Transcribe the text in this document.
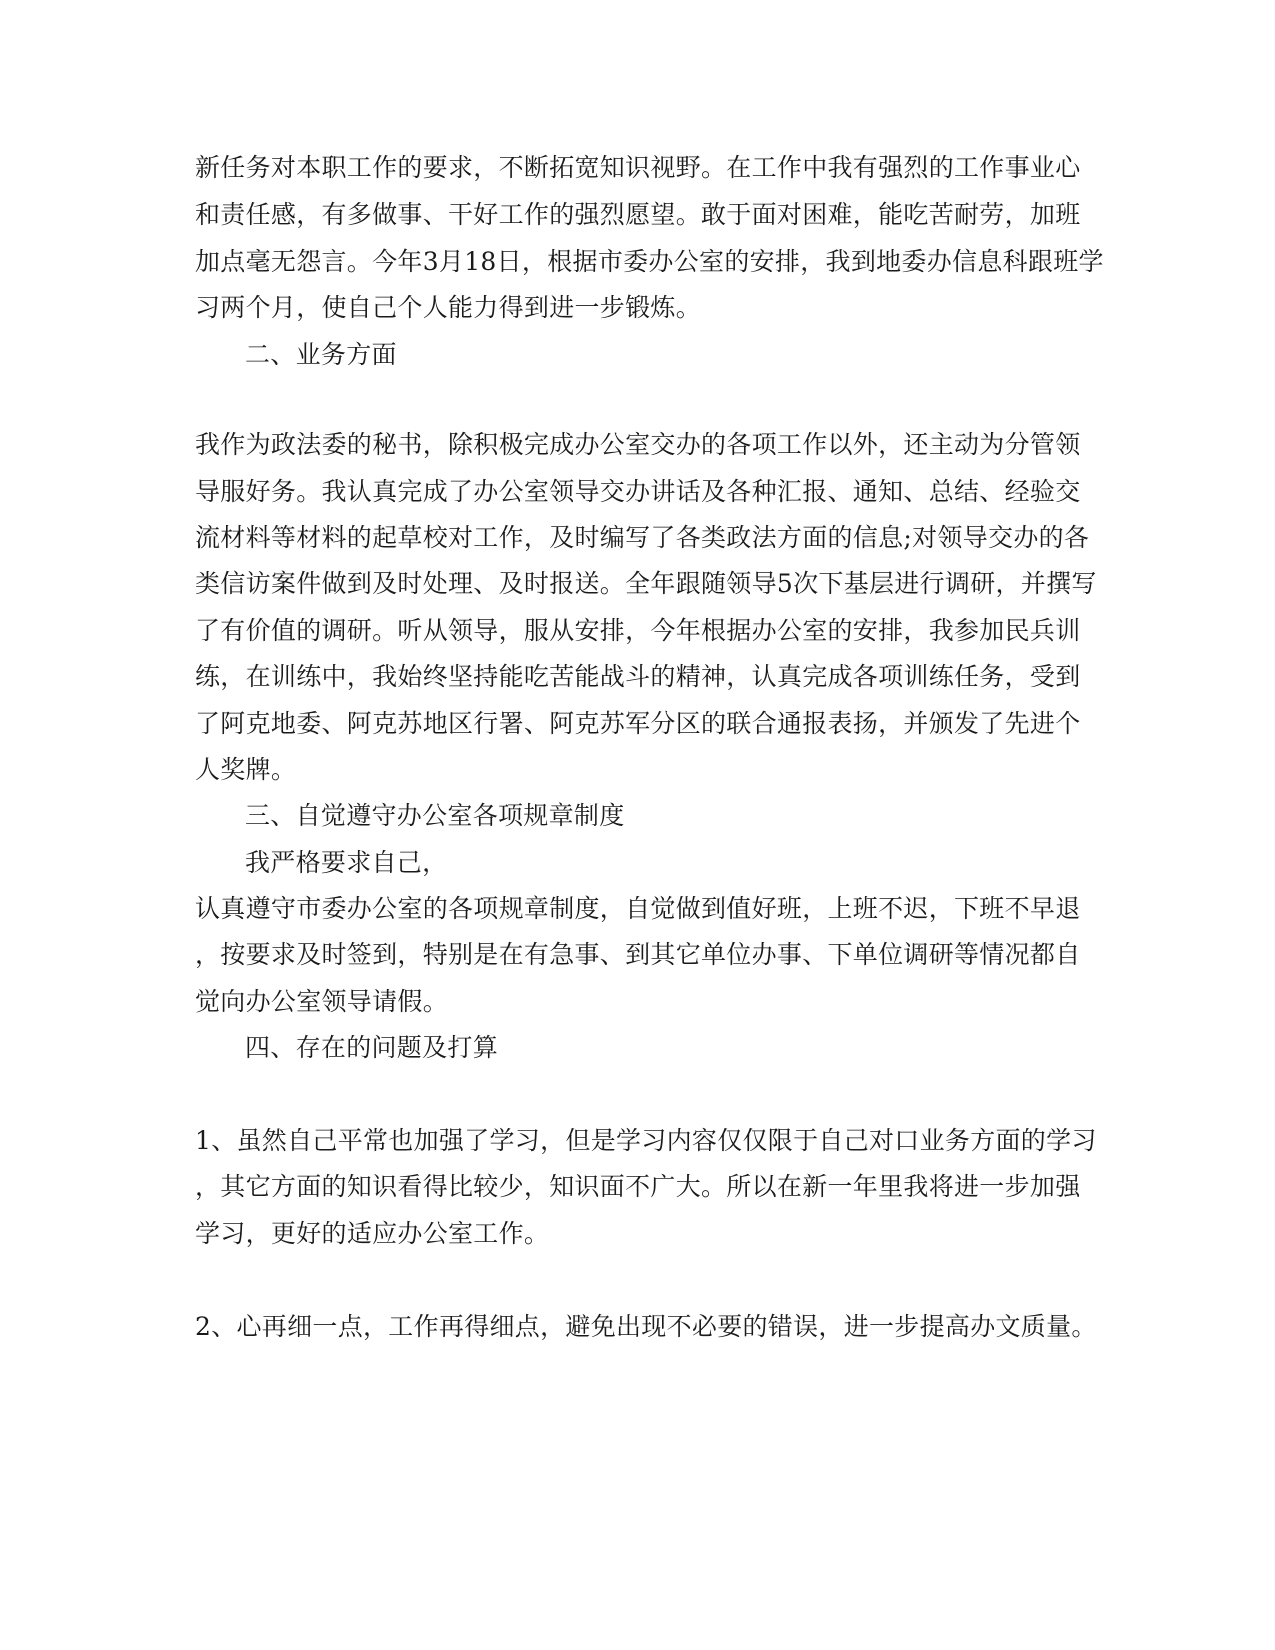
新任务对本职工作的要求，不断拓宽知识视野。在工作中我有强烈的工作事业心
和责任感，有多做事、干好工作的强烈愿望。敢于面对困难，能吃苦耐劳，加班
加点毫无怨言。今年3月18日，根据市委办公室的安排，我到地委办信息科跟班学
习两个月，使自己个人能力得到进一步锻炼。
二、业务方面
我作为政法委的秘书，除积极完成办公室交办的各项工作以外，还主动为分管领
导服好务。我认真完成了办公室领导交办讲话及各种汇报、通知、总结、经验交
流材料等材料的起草校对工作，及时编写了各类政法方面的信息;对领导交办的各
类信访案件做到及时处理、及时报送。全年跟随领导5次下基层进行调研，并撰写
了有价值的调研。听从领导，服从安排，今年根据办公室的安排，我参加民兵训
练，在训练中，我始终坚持能吃苦能战斗的精神，认真完成各项训练任务，受到
了阿克地委、阿克苏地区行署、阿克苏军分区的联合通报表扬，并颁发了先进个
人奖牌。
三、自觉遵守办公室各项规章制度
我严格要求自己，
认真遵守市委办公室的各项规章制度，自觉做到值好班，上班不迟，下班不早退
，按要求及时签到，特别是在有急事、到其它单位办事、下单位调研等情况都自
觉向办公室领导请假。
四、存在的问题及打算
1、虽然自己平常也加强了学习，但是学习内容仅仅限于自己对口业务方面的学习
，其它方面的知识看得比较少，知识面不广大。所以在新一年里我将进一步加强
学习，更好的适应办公室工作。
2、心再细一点，工作再得细点，避免出现不必要的错误，进一步提高办文质量。
